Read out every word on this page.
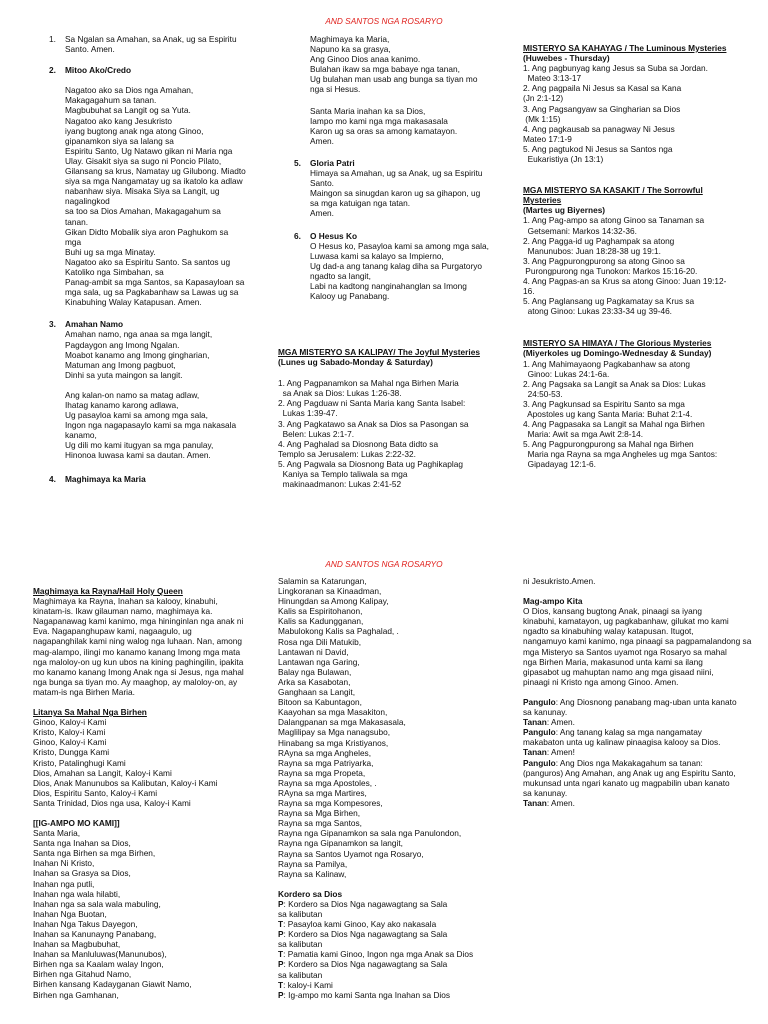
AND SANTOS NGA ROSARYO
1. Sa Ngalan sa Amahan, sa Anak, ug sa Espiritu
Santo. Amen.

2. Mitoo Ako/Credo

Nagatoo ako sa Dios nga Amahan,
Makagagahum sa tanan.
Magbubuhat sa Langit og sa Yuta.
Nagatoo ako kang Jesukristo
iyang bugtong anak nga atong Ginoo,
gipanamkon siya sa lalang sa
Espiritu Santo, Ug Natawo gikan ni Maria nga
Ulay. Gisakit siya sa sugo ni Poncio Pilato,
Gilansang sa krus, Namatay ug Gilubong. Miadto
siya sa mga Nangamatay ug sa ikatolo ka adlaw
nabanhaw siya. Misaka Siya sa Langit, ug
nagalingkod
sa too sa Dios Amahan, Makagagahum sa
tanan.
Gikan Didto Mobalik siya aron Paghukom sa
mga
Buhi ug sa mga Minatay.
Nagatoo ako sa Espiritu Santo. Sa santos ug
Katoliko nga Simbahan, sa
Panag-ambit sa mga Santos, sa Kapasayloan sa
mga sala, ug sa Pagkabanhaw sa Lawas ug sa
Kinabuhing Walay Katapusan. Amen.

3. Amahan Namo

Amahan namo, nga anaa sa mga langit,
Pagdaygon ang Imong Ngalan.
Moabot kanamo ang Imong gingharian,
Matuman ang Imong pagbuot,
Dinhi sa yuta maingon sa langit.

Ang kalan-on namo sa matag adlaw,
Ihatag kanamo karong adlawa,
Ug pasayloa kami sa among mga sala,
Ingon nga nagapasaylo kami sa mga nakasala
kanamo,
Ug dili mo kami itugyan sa mga panulay,
Hinonoa luwasa kami sa dautan. Amen.

4. Maghimaya ka Maria

Maghimaya ka Maria,
Napuno ka sa grasya,
Ang Ginoo Dios anaa kanimo.
Bulahan ikaw sa mga babaye nga tanan,
Ug bulahan man usab ang bunga sa tiyan mo
nga si Hesus.

Santa Maria inahan ka sa Dios,
Iampo mo kami nga mga makasasala
Karon ug sa oras sa among kamatayon.
Amen.

5. Gloria Patri

Himaya sa Amahan, ug sa Anak, ug sa Espiritu
Santo.
Maingon sa sinugdan karon ug sa gihapon, ug
sa mga katuigan nga tatan.
Amen.

6. O Hesus Ko

O Hesus ko, Pasayloa kami sa among mga sala,
Luwasa kami sa kalayo sa Impierno,
Ug dad-a ang tanang kalag diha sa Purgatoryo
ngadto sa langit,
Labi na kadtong nanginahanglan sa Imong
Kalooy ug Panabang.

MGA MISTERYO SA KALIPAY/ The Joyful Mysteries

(Lunes ug Sabado-Monday & Saturday)

1. Ang Pagpanamkon sa Mahal nga Birhen Maria
sa Anak sa Dios: Lukas 1:26-38.
2. Ang Pagduaw ni Santa Maria kang Santa Isabel:
Lukas 1:39-47.
3. Ang Pagkatawo sa Anak sa Dios sa Pasongan sa
Belen: Lukas 2:1-7.
4. Ang Paghalad sa Diosnong Bata didto sa
Templo sa Jerusalem: Lukas 2:22-32.
5. Ang Pagwala sa Diosnong Bata ug Paghikaplag
Kaniya sa Templo taliwala sa mga
makinaadmanon: Lukas 2:41-52

MISTERYO SA KAHAYAG / The Luminous Mysteries

(Huwebes - Thursday)

1. Ang pagbunyag kang Jesus sa Suba sa Jordan.
Mateo 3:13-17
2. Ang pagpaila Ni Jesus sa Kasal sa Kana
(Jn 2:1-12)
3. Ang Pagsangyaw sa Gingharian sa Dios
(Mk 1:15)
4. Ang pagkausab sa panagway Ni Jesus
Mateo 17:1-9
5. Ang pagtukod Ni Jesus sa Santos nga
Eukaristiya (Jn 13:1)

MGA MISTERYO SA KASAKIT / The Sorrowful

Mysteries

(Martes ug Biyernes)

1. Ang Pag-ampo sa atong Ginoo sa Tanaman sa
Getsemani: Markos 14:32-36.
2. Ang Pagga-id ug Paghampak sa atong
Manunubos: Juan 18:28-38 ug 19:1.
3. Ang Pagpurongpurong sa atong Ginoo sa
Purongpurong nga Tunokon: Markos 15:16-20.
4. Ang Pagpas-an sa Krus sa atong Ginoo: Juan 19:12-
16.
5. Ang Paglansang ug Pagkamatay sa Krus sa
atong Ginoo: Lukas 23:33-34 ug 39-46.

MISTERYO SA HIMAYA / The Glorious Mysteries

(Miyerkoles ug Domingo-Wednesday & Sunday)

1. Ang Mahimayaong Pagkabanhaw sa atong
Ginoo: Lukas 24:1-6a.
2. Ang Pagsaka sa Langit sa Anak sa Dios: Lukas
24:50-53.
3. Ang Pagkunsad sa Espiritu Santo sa mga
Apostoles ug kang Santa Maria: Buhat 2:1-4.
4. Ang Pagpasaka sa Langit sa Mahal nga Birhen
Maria: Awit sa mga Awit 2:8-14.
5. Ang Pagpurongpurong sa Mahal nga Birhen
Maria nga Rayna sa mga Angheles ug mga Santos:
Gipadayag 12:1-6.
AND SANTOS NGA ROSARYO

Maghimaya ka Rayna/Hail Holy Queen

Maghimaya ka Rayna, Inahan sa kalooy, kinabuhi,
kinatam-is. Ikaw gilauman namo, maghimaya ka.
Nagapanawag kami kanimo, mga hininginlan nga anak ni
Eva. Nagapanghupaw kami, nagaagulo, ug
nagapanghilak kami ning walog nga luhaan. Nan, among
mag-alampo, ilingi mo kanamo kanang Imong mga mata
nga maloloy-on ug kun ubos na kining paghingilin, ipakita
mo kanamo kanang Imong Anak nga si Jesus, nga mahal
nga bunga sa tiyan mo. Ay maaghop, ay maloloy-on, ay
matam-is nga Birhen Maria.

Litanya Sa Mahal Nga Birhen

Ginoo, Kaloy-i Kami
Kristo, Kaloy-i Kami
Ginoo, Kaloy-i Kami
Kristo, Dungga Kami
Kristo, Patalinghugi Kami
Dios, Amahan sa Langit, Kaloy-i Kami
Dios, Anak Manunubos sa Kalibutan, Kaloy-i Kami
Dios, Espiritu Santo, Kaloy-i Kami
Santa Trinidad, Dios nga usa, Kaloy-i Kami

[[IG-AMPO MO KAMI]]

Santa Maria,
Santa nga Inahan sa Dios,
Santa nga Birhen sa mga Birhen,
Inahan Ni Kristo,
Inahan sa Grasya sa Dios,
Inahan nga putli,
Inahan nga wala hilabti,
Inahan nga sa sala wala mabuling,
Inahan Nga Buotan,
Inahan Nga Takus Dayegon,
Inahan sa Kanunayng Panabang,
Inahan sa Magbubuhat,
Inahan sa Manluluwas(Manunubos),
Birhen nga sa Kaalam walay Ingon,
Birhen nga Gitahud Namo,
Birhen kansang Kadayganan Giawit Namo,
Birhen nga Gamhanan,
Salamin sa Katarungan,
Lingkoranan sa Kinaadman,
Hinungdan sa Among Kalipay,
Kalis sa Espiritohanon,
Kalis sa Kadungganan,
Mabulokong Kalis sa Paghalad, .
Rosa nga Dili Matukib,
Lantawan ni David,
Lantawan nga Garing,
Balay nga Bulawan,
Arka sa Kasabotan,
Ganghaan sa Langit,
Bitoon sa Kabuntagon,
Kaayohan sa mga Masakiton,
Dalangpanan sa mga Makasasala,
Maglilipay sa Mga nanagsubo,
Hinabang sa mga Kristiyanos,
RAyna sa mga Angheles,
Rayna sa mga Patriyarka,
Rayna sa mga Propeta,
Rayna sa mga Apostoles, .
RAyna sa mga Martires,
Rayna sa mga Kompesores,
Rayna sa Mga Birhen,
Rayna sa mga Santos,
Rayna nga Gipanamkon sa sala nga Panulondon,
Rayna nga Gipanamkon sa langit,
Rayna sa Santos Uyamot nga Rosaryo,
Rayna sa Pamilya,
Rayna sa Kalinaw,

Kordero sa Dios

P: Kordero sa Dios Nga nagawagtang sa Sala
sa kalibutan
T: Pasayloa kami Ginoo, Kay ako nakasala
P: Kordero sa Dios Nga nagawagtang sa Sala
sa kalibutan
T: Pamatia kami Ginoo, Ingon nga mga Anak sa Dios
P: Kordero sa Dios Nga nagawagtang sa Sala
sa kalibutan
T: kaloy-i Kami
P: Ig-ampo mo kami Santa nga Inahan sa Dios

ni Jesukristo.Amen.

Mag-ampo Kita

O Dios, kansang bugtong Anak, pinaagi sa iyang
kinabuhi, kamatayon, ug pagkabanhaw, gilukat mo kami
ngadto sa kinabuhing walay katapusan. Itugot,
nangamuyo kami kanimo, nga pinaagi sa pagpamalandong sa
mga Misteryo sa Santos uyamot nga Rosaryo sa mahal
nga Birhen Maria, makasunod unta kami sa ilang
gipasabot ug mahuptan namo ang mga gisaad niini,
pinaagi ni Kristo nga among Ginoo. Amen.

Pangulo: Ang Diosnong panabang mag-uban unta kanato
sa kanunay.

Tanan: Amen.

Pangulo: Ang tanang kalag sa mga nangamatay
makabaton unta ug kalinaw pinaagisa kalooy sa Dios.

Tanan: Amen!

Pangulo: Ang Dios nga Makakagahum sa tanan:
(panguros) Ang Amahan, ang Anak ug ang Espiritu Santo,
mukunsad unta ngari kanato ug magpabilin uban kanato
sa kanunay.

Tanan: Amen.
